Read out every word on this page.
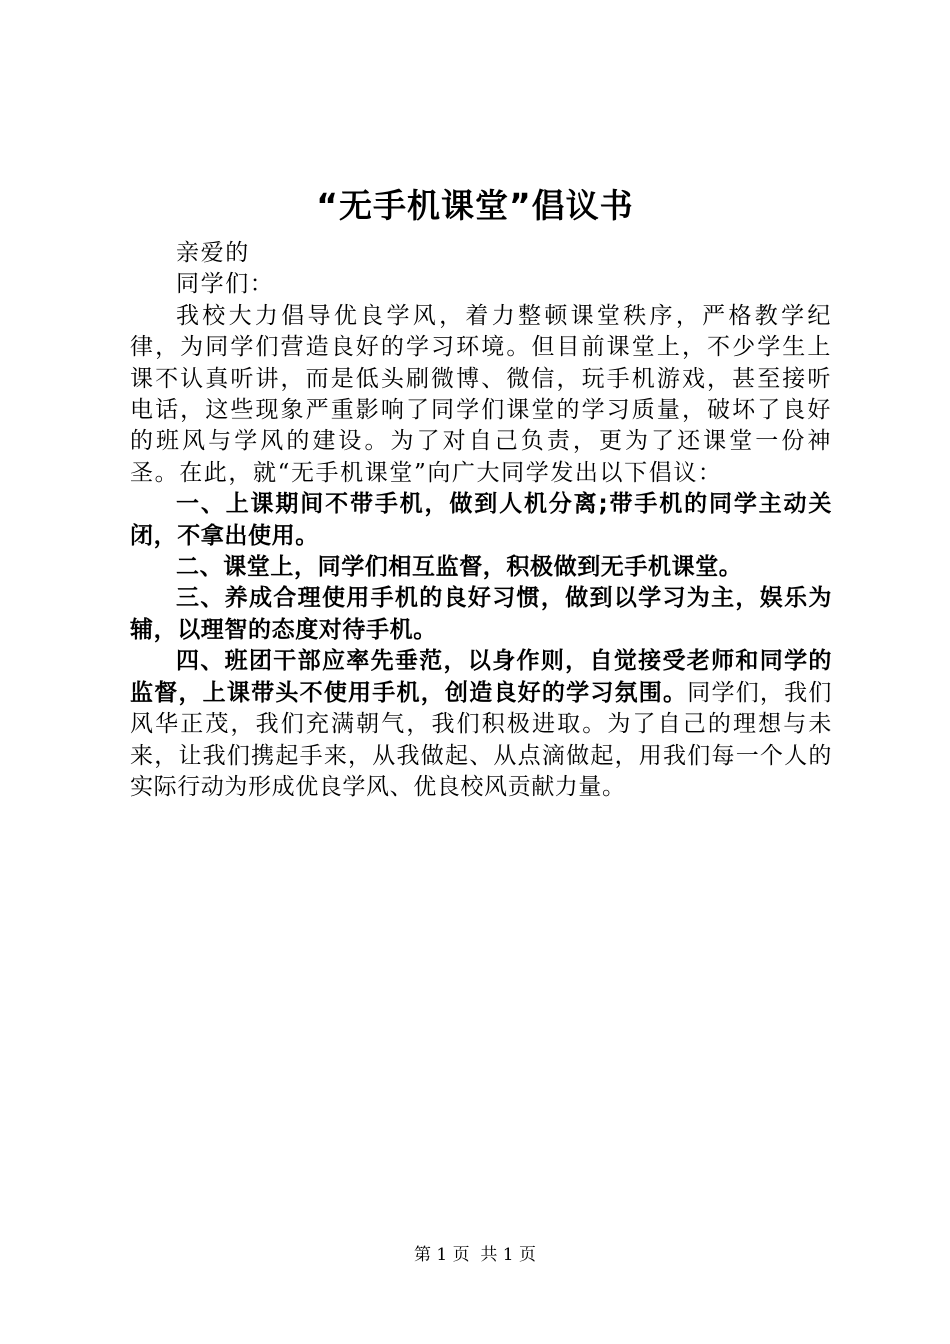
“无手机课堂”倡议书

亲爱的

同学们：

我校大力倡导优良学风，着力整顿课堂秩序，严格教学纪律，为同学们营造良好的学习环境。但目前课堂上，不少学生上课不认真听讲，而是低头刷微博、微信，玩手机游戏，甚至接听电话，这些现象严重影响了同学们课堂的学习质量，破坏了良好的班风与学风的建设。为了对自己负责，更为了还课堂一份神圣。在此，就“无手机课堂”向广大同学发出以下倡议：

一、上课期间不带手机，做到人机分离;带手机的同学主动关闭，不拿出使用。

二、课堂上，同学们相互监督，积极做到无手机课堂。

三、养成合理使用手机的良好习惯，做到以学习为主，娱乐为辅，以理智的态度对待手机。

四、班团干部应率先垂范，以身作则，自觉接受老师和同学的监督，上课带头不使用手机，创造良好的学习氛围。同学们，我们风华正茂，我们充满朝气，我们积极进取。为了自己的理想与未来，让我们携起手来，从我做起、从点滴做起，用我们每一个人的实际行动为形成优良学风、优良校风贡献力量。

第 1 页  共 1 页
